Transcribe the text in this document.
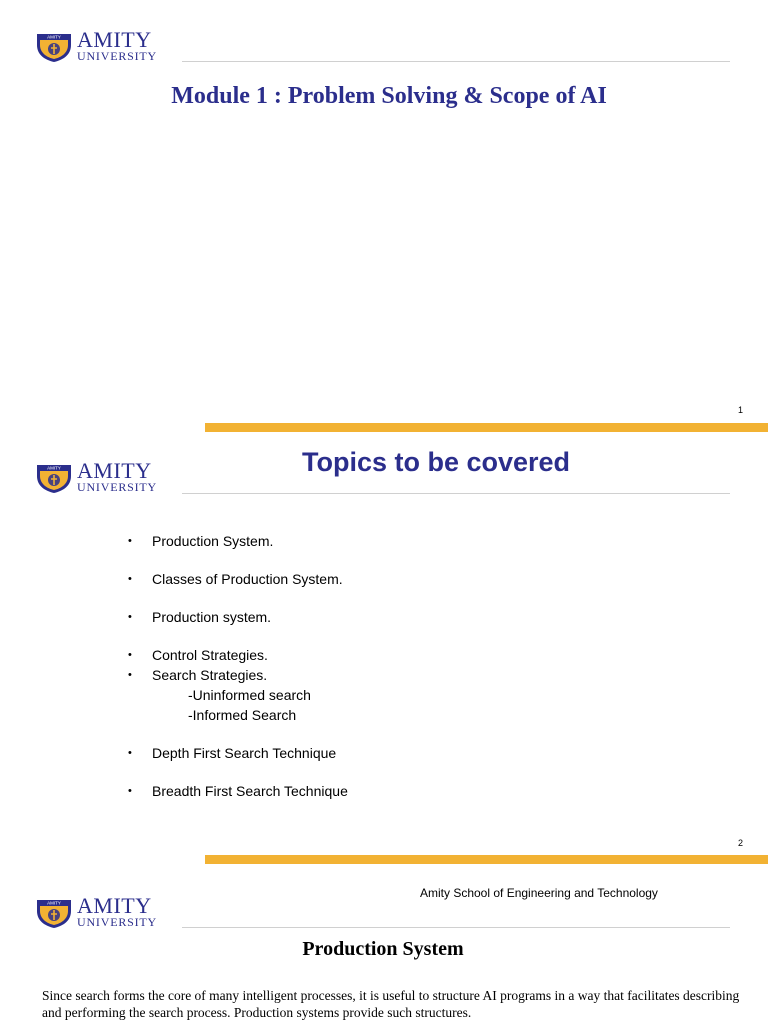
AMITY AMITY
UNIVERSITY
Module 1 : Problem Solving & Scope of AI
1
AMITY AMITY
UNIVERSITY
Topics to be covered
• Production System.
• Classes of Production System.
• Production system.
• Control Strategies.
• Search Strategies.
-Uninformed search
-Informed Search
• Depth First Search Technique
• Breadth First Search Technique
2
Amity School of Engineering and Technology
AMITY AMITY
UNIVERSITY
Production System
Since search forms the core of many intelligent processes, it is useful to structure AI programs in a way that facilitates describing and performing the search process. Production systems provide such structures.
